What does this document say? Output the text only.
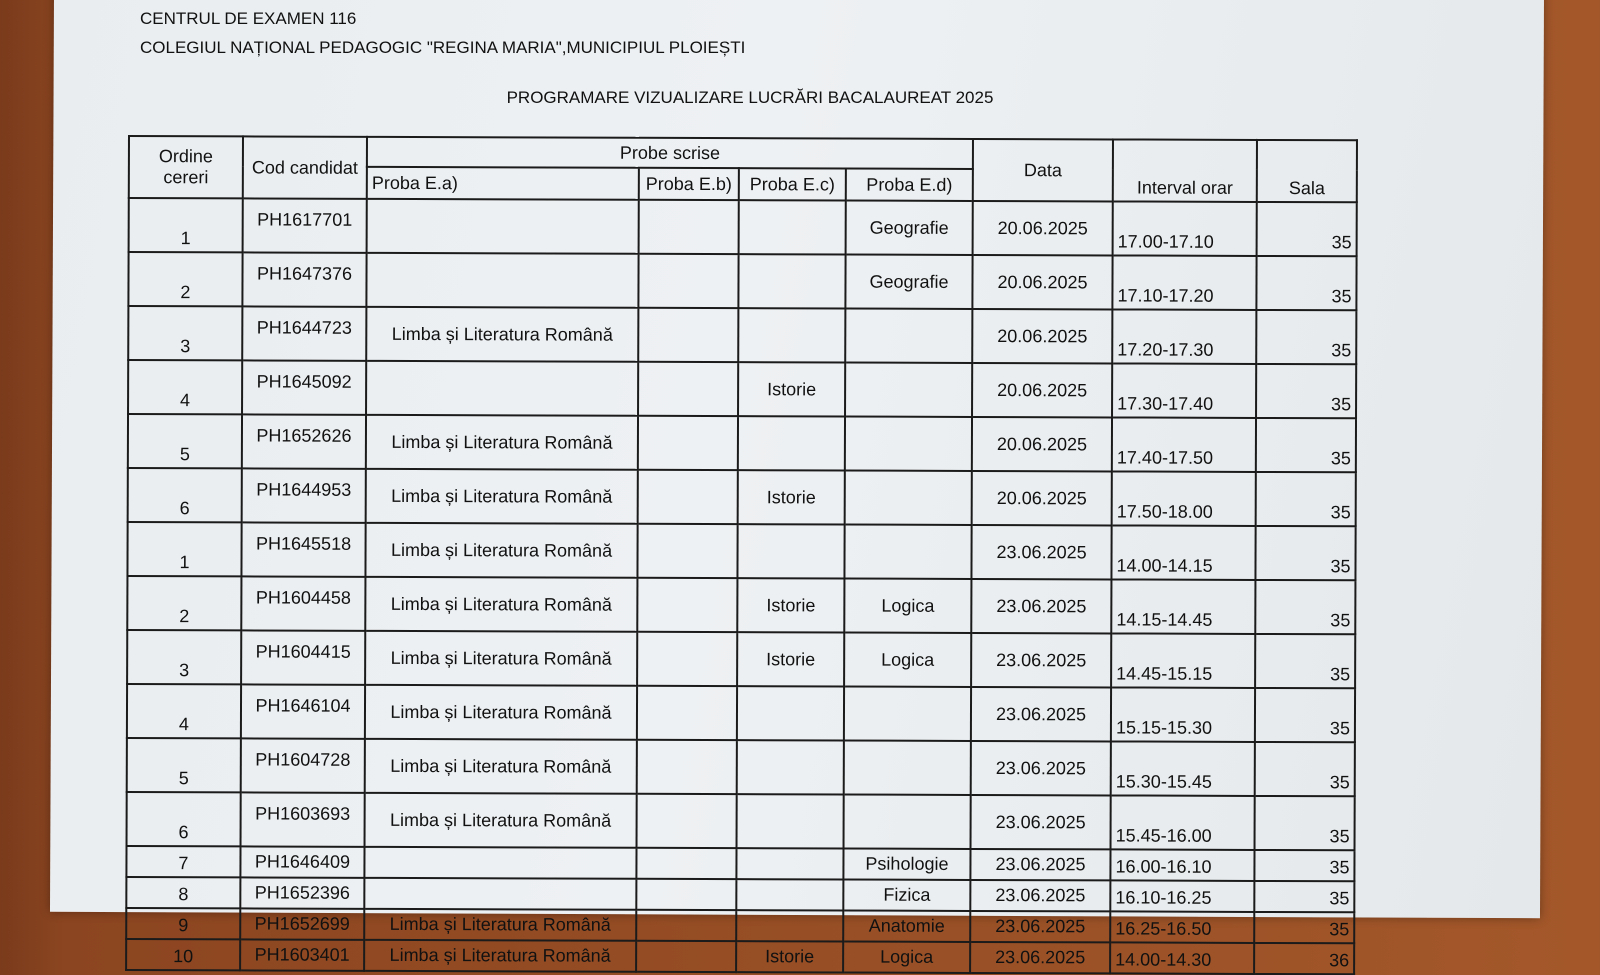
CENTRUL DE EXAMEN 116
COLEGIUL NAȚIONAL PEDAGOGIC "REGINA MARIA",MUNICIPIUL PLOIEȘTI
PROGRAMARE VIZUALIZARE LUCRĂRI BACALAUREAT 2025
Ordine cereri	Cod candidat	Probe scrise				Data	Interval orar	Sala
		Proba E.a)	Proba E.b)	Proba E.c)	Proba E.d)			
1	PH1617701				Geografie	20.06.2025	17.00-17.10	35
2	PH1647376				Geografie	20.06.2025	17.10-17.20	35
3	PH1644723	Limba și Literatura Română				20.06.2025	17.20-17.30	35
4	PH1645092			Istorie		20.06.2025	17.30-17.40	35
5	PH1652626	Limba și Literatura Română				20.06.2025	17.40-17.50	35
6	PH1644953	Limba și Literatura Română		Istorie		20.06.2025	17.50-18.00	35
1	PH1645518	Limba și Literatura Română				23.06.2025	14.00-14.15	35
2	PH1604458	Limba și Literatura Română		Istorie	Logica	23.06.2025	14.15-14.45	35
3	PH1604415	Limba și Literatura Română		Istorie	Logica	23.06.2025	14.45-15.15	35
4	PH1646104	Limba și Literatura Română				23.06.2025	15.15-15.30	35
5	PH1604728	Limba și Literatura Română				23.06.2025	15.30-15.45	35
6	PH1603693	Limba și Literatura Română				23.06.2025	15.45-16.00	35
7	PH1646409				Psihologie	23.06.2025	16.00-16.10	35
8	PH1652396				Fizica	23.06.2025	16.10-16.25	35
9	PH1652699	Limba și Literatura Română			Anatomie	23.06.2025	16.25-16.50	35
10	PH1603401	Limba și Literatura Română		Istorie	Logica	23.06.2025	14.00-14.30	36
